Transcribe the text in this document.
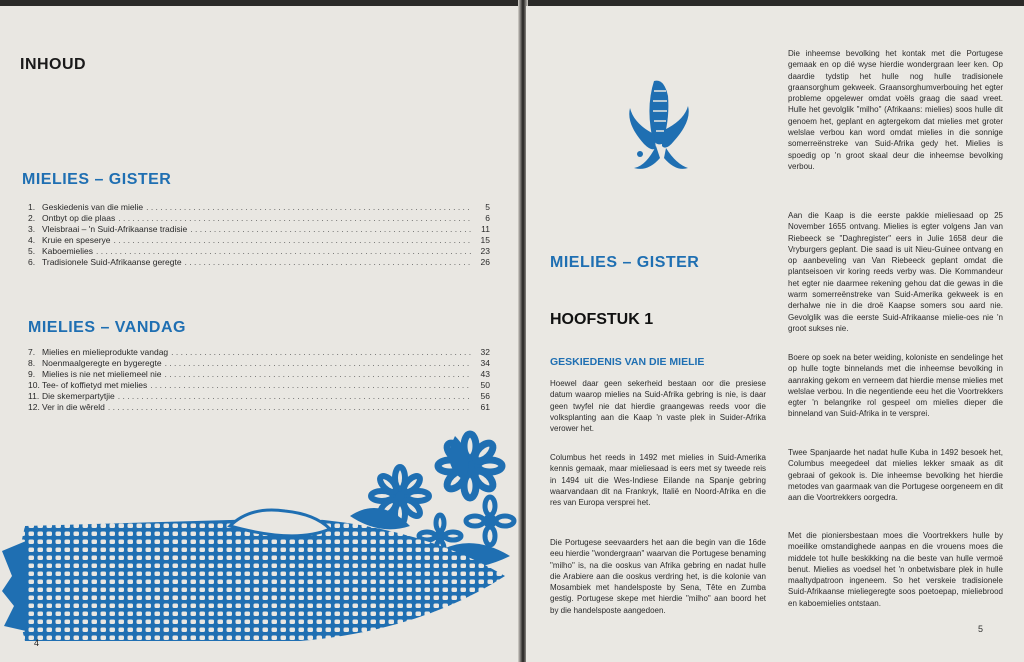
INHOUD
MIELIES – GISTER
1. Geskiedenis van die mielie . . .	5
2. Ontbyt op die plaas . . .	6
3. Vleisbraai – 'n Suid-Afrikaanse tradisie . . .	11
4. Kruie en speserye . . .	15
5. Kaboemielies . . .	23
6. Tradisionele Suid-Afrikaanse geregte . . .	26
MIELIES – VANDAG
7. Mielies en mielieprodukte vandag . . .	32
8. Noenmaalgeregte en bygeregte . . .	34
9. Mielies is nie net mieliemeel nie . . .	43
10. Tee- of koffietyd met mielies . . .	50
11. Die skemerpartytjie . . .	56
12. Ver in die wêreld . . .	61

4

Die inheemse bevolking het kontak met die Portugese gemaak en op dié wyse hierdie wondergraan leer ken. Op daardie tydstip het hulle nog hulle tradisionele graansorghum gekweek. Graansorghumverbouing het egter probleme opgelewer omdat voëls graag die saad vreet. Hulle het gevolglik "milho" (Afrikaans: mielies) soos hulle dit genoem het, geplant en agtergekom dat mielies met groter welslae verbou kan word omdat mielies in die sonnige somerreënstreke van Suid-Afrika gedy het. Mielies is spoedig op 'n groot skaal deur die inheemse bevolking verbou.

Aan die Kaap is die eerste pakkie mieliesaad op 25 November 1655 ontvang. Mielies is egter volgens Jan van Riebeeck se "Daghregister" eers in Julie 1658 deur die Vryburgers geplant. Die saad is uit Nieu-Guinee ontvang en op aanbeveling van Van Riebeeck geplant omdat die plantseisoen vir koring reeds verby was. Die Kommandeur het egter nie daarmee rekening gehou dat die gewas in die warm somerreënstreke van Suid-Amerika gekweek is en derhalwe nie in die droë Kaapse somers sou aard nie. Gevolglik was die eerste Suid-Afrikaanse mielie-oes nie 'n groot sukses nie.

MIELIES – GISTER
HOOFSTUK 1
GESKIEDENIS VAN DIE MIELIE

Hoewel daar geen sekerheid bestaan oor die presiese datum waarop mielies na Suid-Afrika gebring is nie, is daar geen twyfel nie dat hierdie graangewas reeds voor die volksplanting aan die Kaap 'n vaste plek in Suider-Afrika verower het.

Columbus het reeds in 1492 met mielies in Suid-Amerika kennis gemaak, maar mieliesaad is eers met sy tweede reis in 1494 uit die Wes-Indiese Eilande na Spanje gebring waarvandaan dit na Frankryk, Italië en Noord-Afrika en die res van Europa versprei het.

Die Portugese seevaarders het aan die begin van die 16de eeu hierdie "wondergraan" waarvan die Portugese benaming "milho" is, na die ooskus van Afrika gebring en nadat hulle die Arabiere aan die ooskus verdring het, is die kolonie van Mosambiek met handelsposte by Sena, Tête en Zumba gestig. Portugese skepe met hierdie "milho" aan boord het by die handelsposte aangedoen.

Boere op soek na beter weiding, koloniste en sendelinge het op hulle togte binnelands met die inheemse bevolking in aanraking gekom en verneem dat hierdie mense mielies met welslae verbou. In die negentiende eeu het die Voortrekkers egter 'n belangrike rol gespeel om mielies dieper die binneland van Suid-Afrika in te versprei.

Twee Spanjaarde het nadat hulle Kuba in 1492 besoek het, Columbus meegedeel dat mielies lekker smaak as dit gebraai of gekook is. Die inheemse bevolking het hierdie metodes van gaarmaak van die Portugese oorgeneem en dit aan die Voortrekkers oorgedra.

Met die pioniersbestaan moes die Voortrekkers hulle by moeilike omstandighede aanpas en die vrouens moes die middele tot hulle beskikking na die beste van hulle vermoë benut. Mielies as voedsel het 'n onbetwisbare plek in hulle maaltydpatroon ingeneem. So het verskeie tradisionele Suid-Afrikaanse mieliegeregte soos poetoepap, mieliebrood en kaboemielies ontstaan.

5
